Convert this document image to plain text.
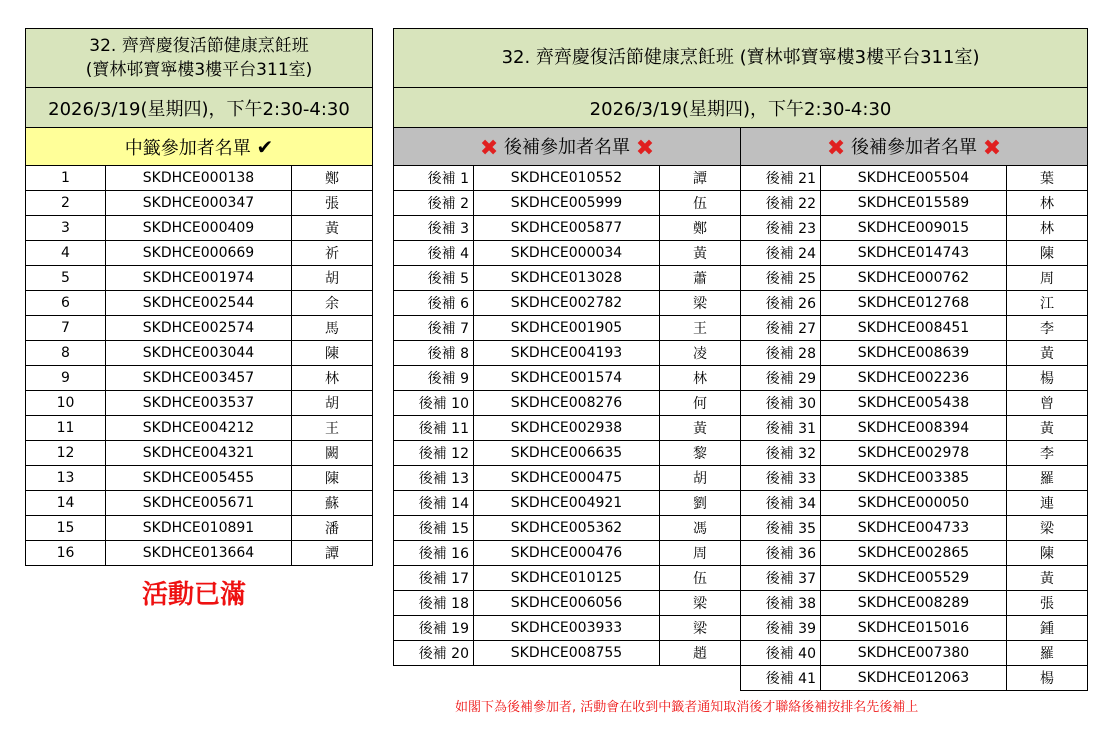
32. 齊齊慶復活節健康烹飪班
(寶林邨寶寧樓3樓平台311室)		
2026/3/19(星期四)，下午2:30-4:30		
中籤參加者名單 ✔		
1	SKDHCE000138	鄭
2	SKDHCE000347	張
3	SKDHCE000409	黃
4	SKDHCE000669	祈
5	SKDHCE001974	胡
6	SKDHCE002544	余
7	SKDHCE002574	馬
8	SKDHCE003044	陳
9	SKDHCE003457	林
10	SKDHCE003537	胡
11	SKDHCE004212	王
12	SKDHCE004321	闕
13	SKDHCE005455	陳
14	SKDHCE005671	蘇
15	SKDHCE010891	潘
16	SKDHCE013664	譚
活動已滿
32. 齊齊慶復活節健康烹飪班 (寶林邨寶寧樓3樓平台311室)					
2026/3/19(星期四)，下午2:30-4:30					
✖ 後補參加者名單 ✖			✖ 後補參加者名單 ✖		
後補 1	SKDHCE010552	譚	後補 21	SKDHCE005504	葉
後補 2	SKDHCE005999	伍	後補 22	SKDHCE015589	林
後補 3	SKDHCE005877	鄭	後補 23	SKDHCE009015	林
後補 4	SKDHCE000034	黃	後補 24	SKDHCE014743	陳
後補 5	SKDHCE013028	蕭	後補 25	SKDHCE000762	周
後補 6	SKDHCE002782	梁	後補 26	SKDHCE012768	江
後補 7	SKDHCE001905	王	後補 27	SKDHCE008451	李
後補 8	SKDHCE004193	凌	後補 28	SKDHCE008639	黃
後補 9	SKDHCE001574	林	後補 29	SKDHCE002236	楊
後補 10	SKDHCE008276	何	後補 30	SKDHCE005438	曾
後補 11	SKDHCE002938	黃	後補 31	SKDHCE008394	黃
後補 12	SKDHCE006635	黎	後補 32	SKDHCE002978	李
後補 13	SKDHCE000475	胡	後補 33	SKDHCE003385	羅
後補 14	SKDHCE004921	劉	後補 34	SKDHCE000050	連
後補 15	SKDHCE005362	馮	後補 35	SKDHCE004733	梁
後補 16	SKDHCE000476	周	後補 36	SKDHCE002865	陳
後補 17	SKDHCE010125	伍	後補 37	SKDHCE005529	黃
後補 18	SKDHCE006056	梁	後補 38	SKDHCE008289	張
後補 19	SKDHCE003933	梁	後補 39	SKDHCE015016	鍾
後補 20	SKDHCE008755	趙	後補 40	SKDHCE007380	羅
			後補 41	SKDHCE012063	楊
如閣下為後補參加者, 活動會在收到中籤者通知取消後才聯絡後補按排名先後補上
